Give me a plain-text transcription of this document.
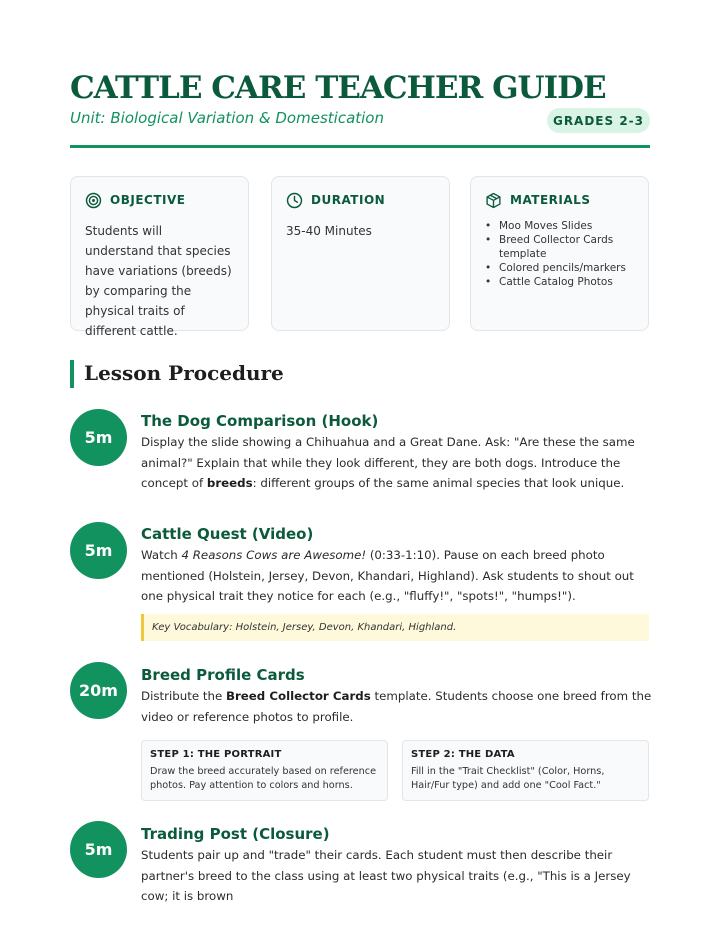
CATTLE CARE TEACHER GUIDE
Unit: Biological Variation & Domestication	GRADES 2-3
OBJECTIVE
Students will understand that species have variations (breeds) by comparing the physical traits of different cattle.
DURATION
35-40 Minutes
MATERIALS
• Moo Moves Slides
• Breed Collector Cards template
• Colored pencils/markers
• Cattle Catalog Photos
Lesson Procedure
5m
The Dog Comparison (Hook)
Display the slide showing a Chihuahua and a Great Dane. Ask: "Are these the same animal?" Explain that while they look different, they are both dogs. Introduce the concept of breeds: different groups of the same animal species that look unique.
5m
Cattle Quest (Video)
Watch 4 Reasons Cows are Awesome! (0:33-1:10). Pause on each breed photo mentioned (Holstein, Jersey, Devon, Khandari, Highland). Ask students to shout out one physical trait they notice for each (e.g., "fluffy!", "spots!", "humps!").
Key Vocabulary: Holstein, Jersey, Devon, Khandari, Highland.
20m
Breed Profile Cards
Distribute the Breed Collector Cards template. Students choose one breed from the video or reference photos to profile.
STEP 1: THE PORTRAIT
Draw the breed accurately based on reference photos. Pay attention to colors and horns.
STEP 2: THE DATA
Fill in the "Trait Checklist" (Color, Horns, Hair/Fur type) and add one "Cool Fact."
5m
Trading Post (Closure)
Students pair up and "trade" their cards. Each student must then describe their partner's breed to the class using at least two physical traits (e.g., "This is a Jersey cow; it is brown
